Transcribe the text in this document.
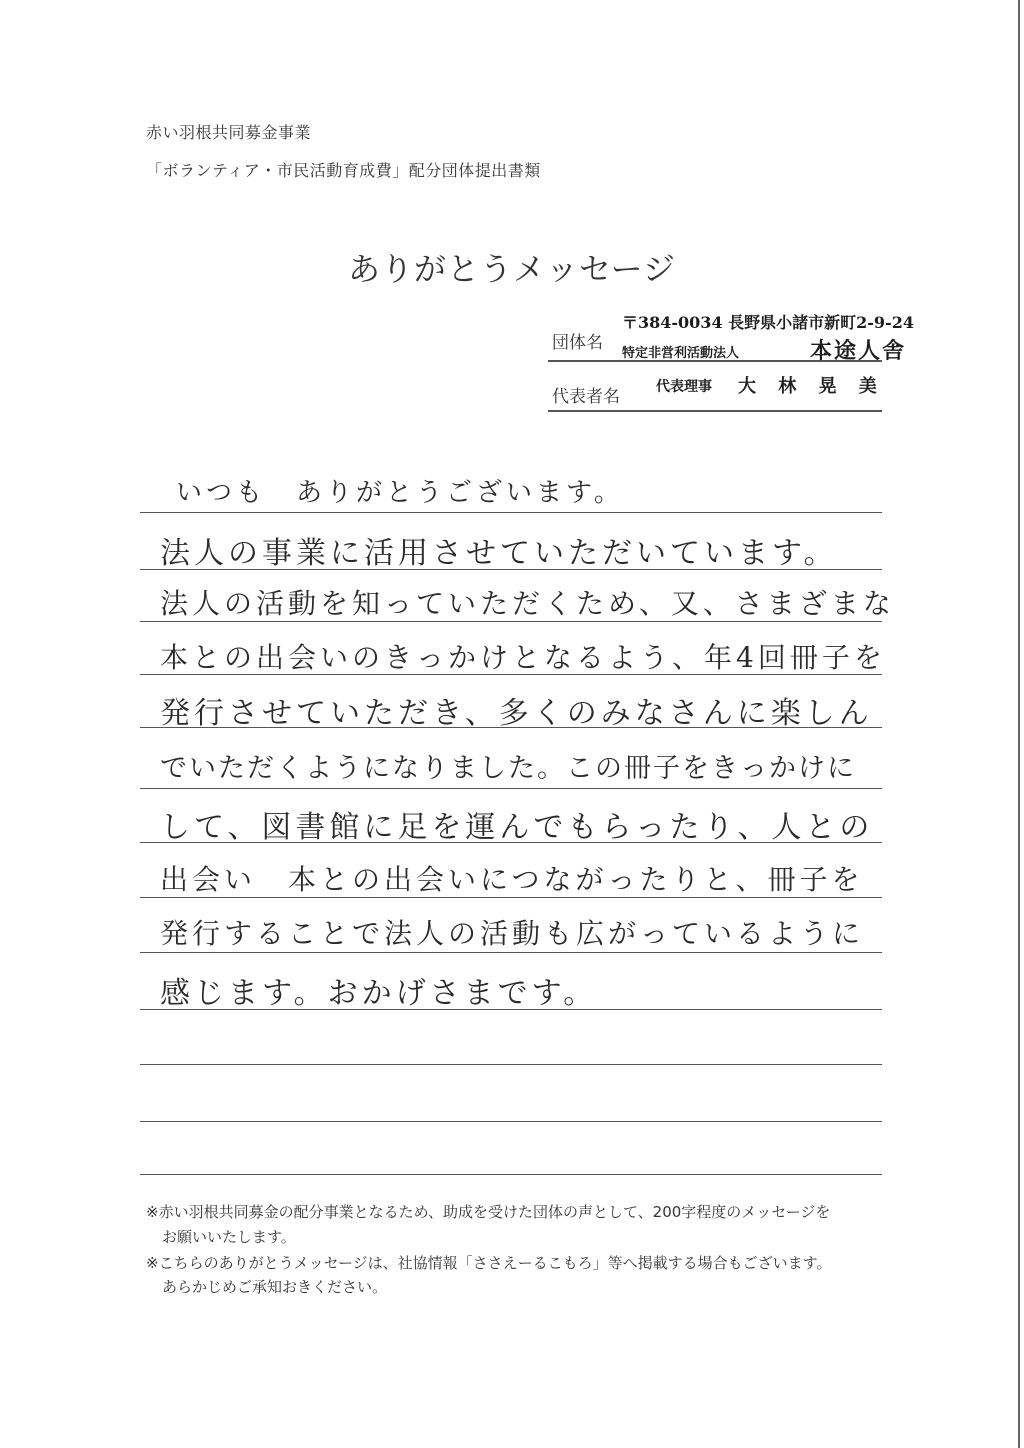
赤い羽根共同募金事業
「ボランティア・市民活動育成費」配分団体提出書類
ありがとうメッセージ
団体名
〒384-0034 長野県小諸市新町2-9-24
特定非営利活動法人	本途人舎
代表者名	代表理事 大 林 晃 美
いつも　ありがとうございます。
法人の事業に活用させていただいています。
法人の活動を知っていただくため、又、さまざまな
本との出会いのきっかけとなるよう、年4回冊子を
発行させていただき、多くのみなさんに楽しん
でいただくようになりました。この冊子をきっかけに
して、図書館に足を運んでもらったり、人との
出会い　本との出会いにつながったりと、冊子を
発行することで法人の活動も広がっているように
感じます。おかげさまです。
※赤い羽根共同募金の配分事業となるため、助成を受けた団体の声として、200字程度のメッセージを
お願いいたします。
※こちらのありがとうメッセージは、社協情報「ささえーるこもろ」等へ掲載する場合もございます。
あらかじめご承知おきください。
